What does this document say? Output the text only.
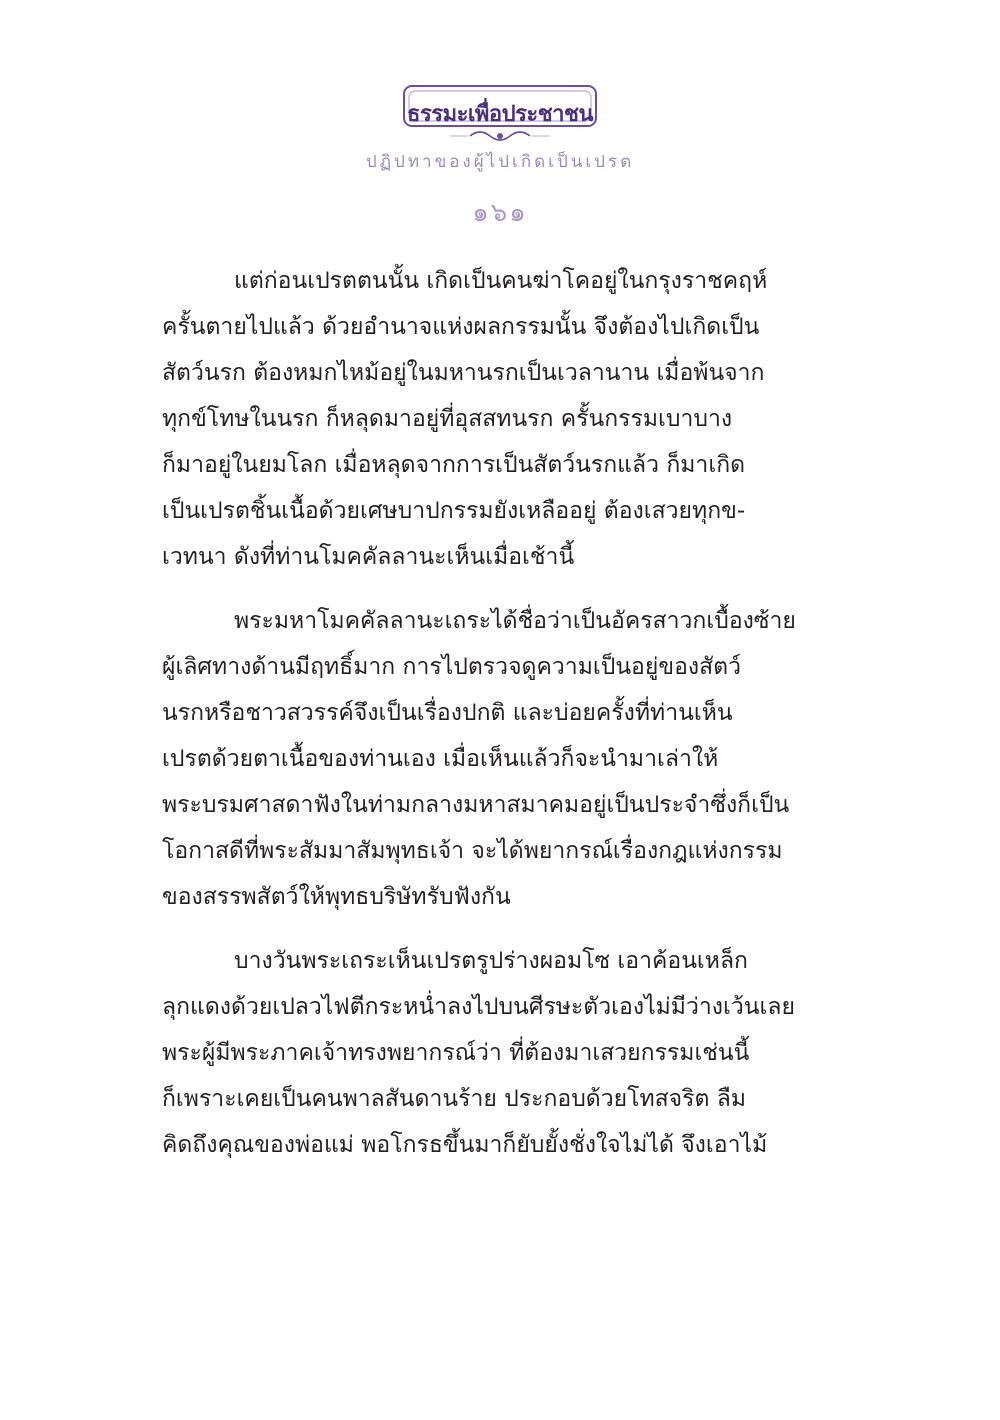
ธรรมะเพื่อประชาชน
ปฏิปทาของผู้ไปเกิดเป็นเปรต
๑๖๑
แต่ก่อนเปรตตนนั้น เกิดเป็นคนฆ่าโคอยู่ในกรุงราชคฤห์
ครั้นตายไปแล้ว ด้วยอำนาจแห่งผลกรรมนั้น จึงต้องไปเกิดเป็น
สัตว์นรก ต้องหมกไหม้อยู่ในมหานรกเป็นเวลานาน เมื่อพ้นจาก
ทุกข์โทษในนรก ก็หลุดมาอยู่ที่อุสสทนรก ครั้นกรรมเบาบาง
ก็มาอยู่ในยมโลก เมื่อหลุดจากการเป็นสัตว์นรกแล้ว ก็มาเกิด
เป็นเปรตชิ้นเนื้อด้วยเศษบาปกรรมยังเหลืออยู่ ต้องเสวยทุกข-
เวทนา ดังที่ท่านโมคคัลลานะเห็นเมื่อเช้านี้
พระมหาโมคคัลลานะเถระได้ชื่อว่าเป็นอัครสาวกเบื้องซ้าย
ผู้เลิศทางด้านมีฤทธิ์มาก การไปตรวจดูความเป็นอยู่ของสัตว์
นรกหรือชาวสวรรค์จึงเป็นเรื่องปกติ และบ่อยครั้งที่ท่านเห็น
เปรตด้วยตาเนื้อของท่านเอง เมื่อเห็นแล้วก็จะนำมาเล่าให้
พระบรมศาสดาฟังในท่ามกลางมหาสมาคมอยู่เป็นประจำซึ่งก็เป็น
โอกาสดีที่พระสัมมาสัมพุทธเจ้า จะได้พยากรณ์เรื่องกฎแห่งกรรม
ของสรรพสัตว์ให้พุทธบริษัทรับฟังกัน
บางวันพระเถระเห็นเปรตรูปร่างผอมโซ เอาค้อนเหล็ก
ลุกแดงด้วยเปลวไฟตีกระหน่ำลงไปบนศีรษะตัวเองไม่มีว่างเว้นเลย
พระผู้มีพระภาคเจ้าทรงพยากรณ์ว่า ที่ต้องมาเสวยกรรมเช่นนี้
ก็เพราะเคยเป็นคนพาลสันดานร้าย ประกอบด้วยโทสจริต ลืม
คิดถึงคุณของพ่อแม่ พอโกรธขึ้นมาก็ยับยั้งชั่งใจไม่ได้ จึงเอาไม้
